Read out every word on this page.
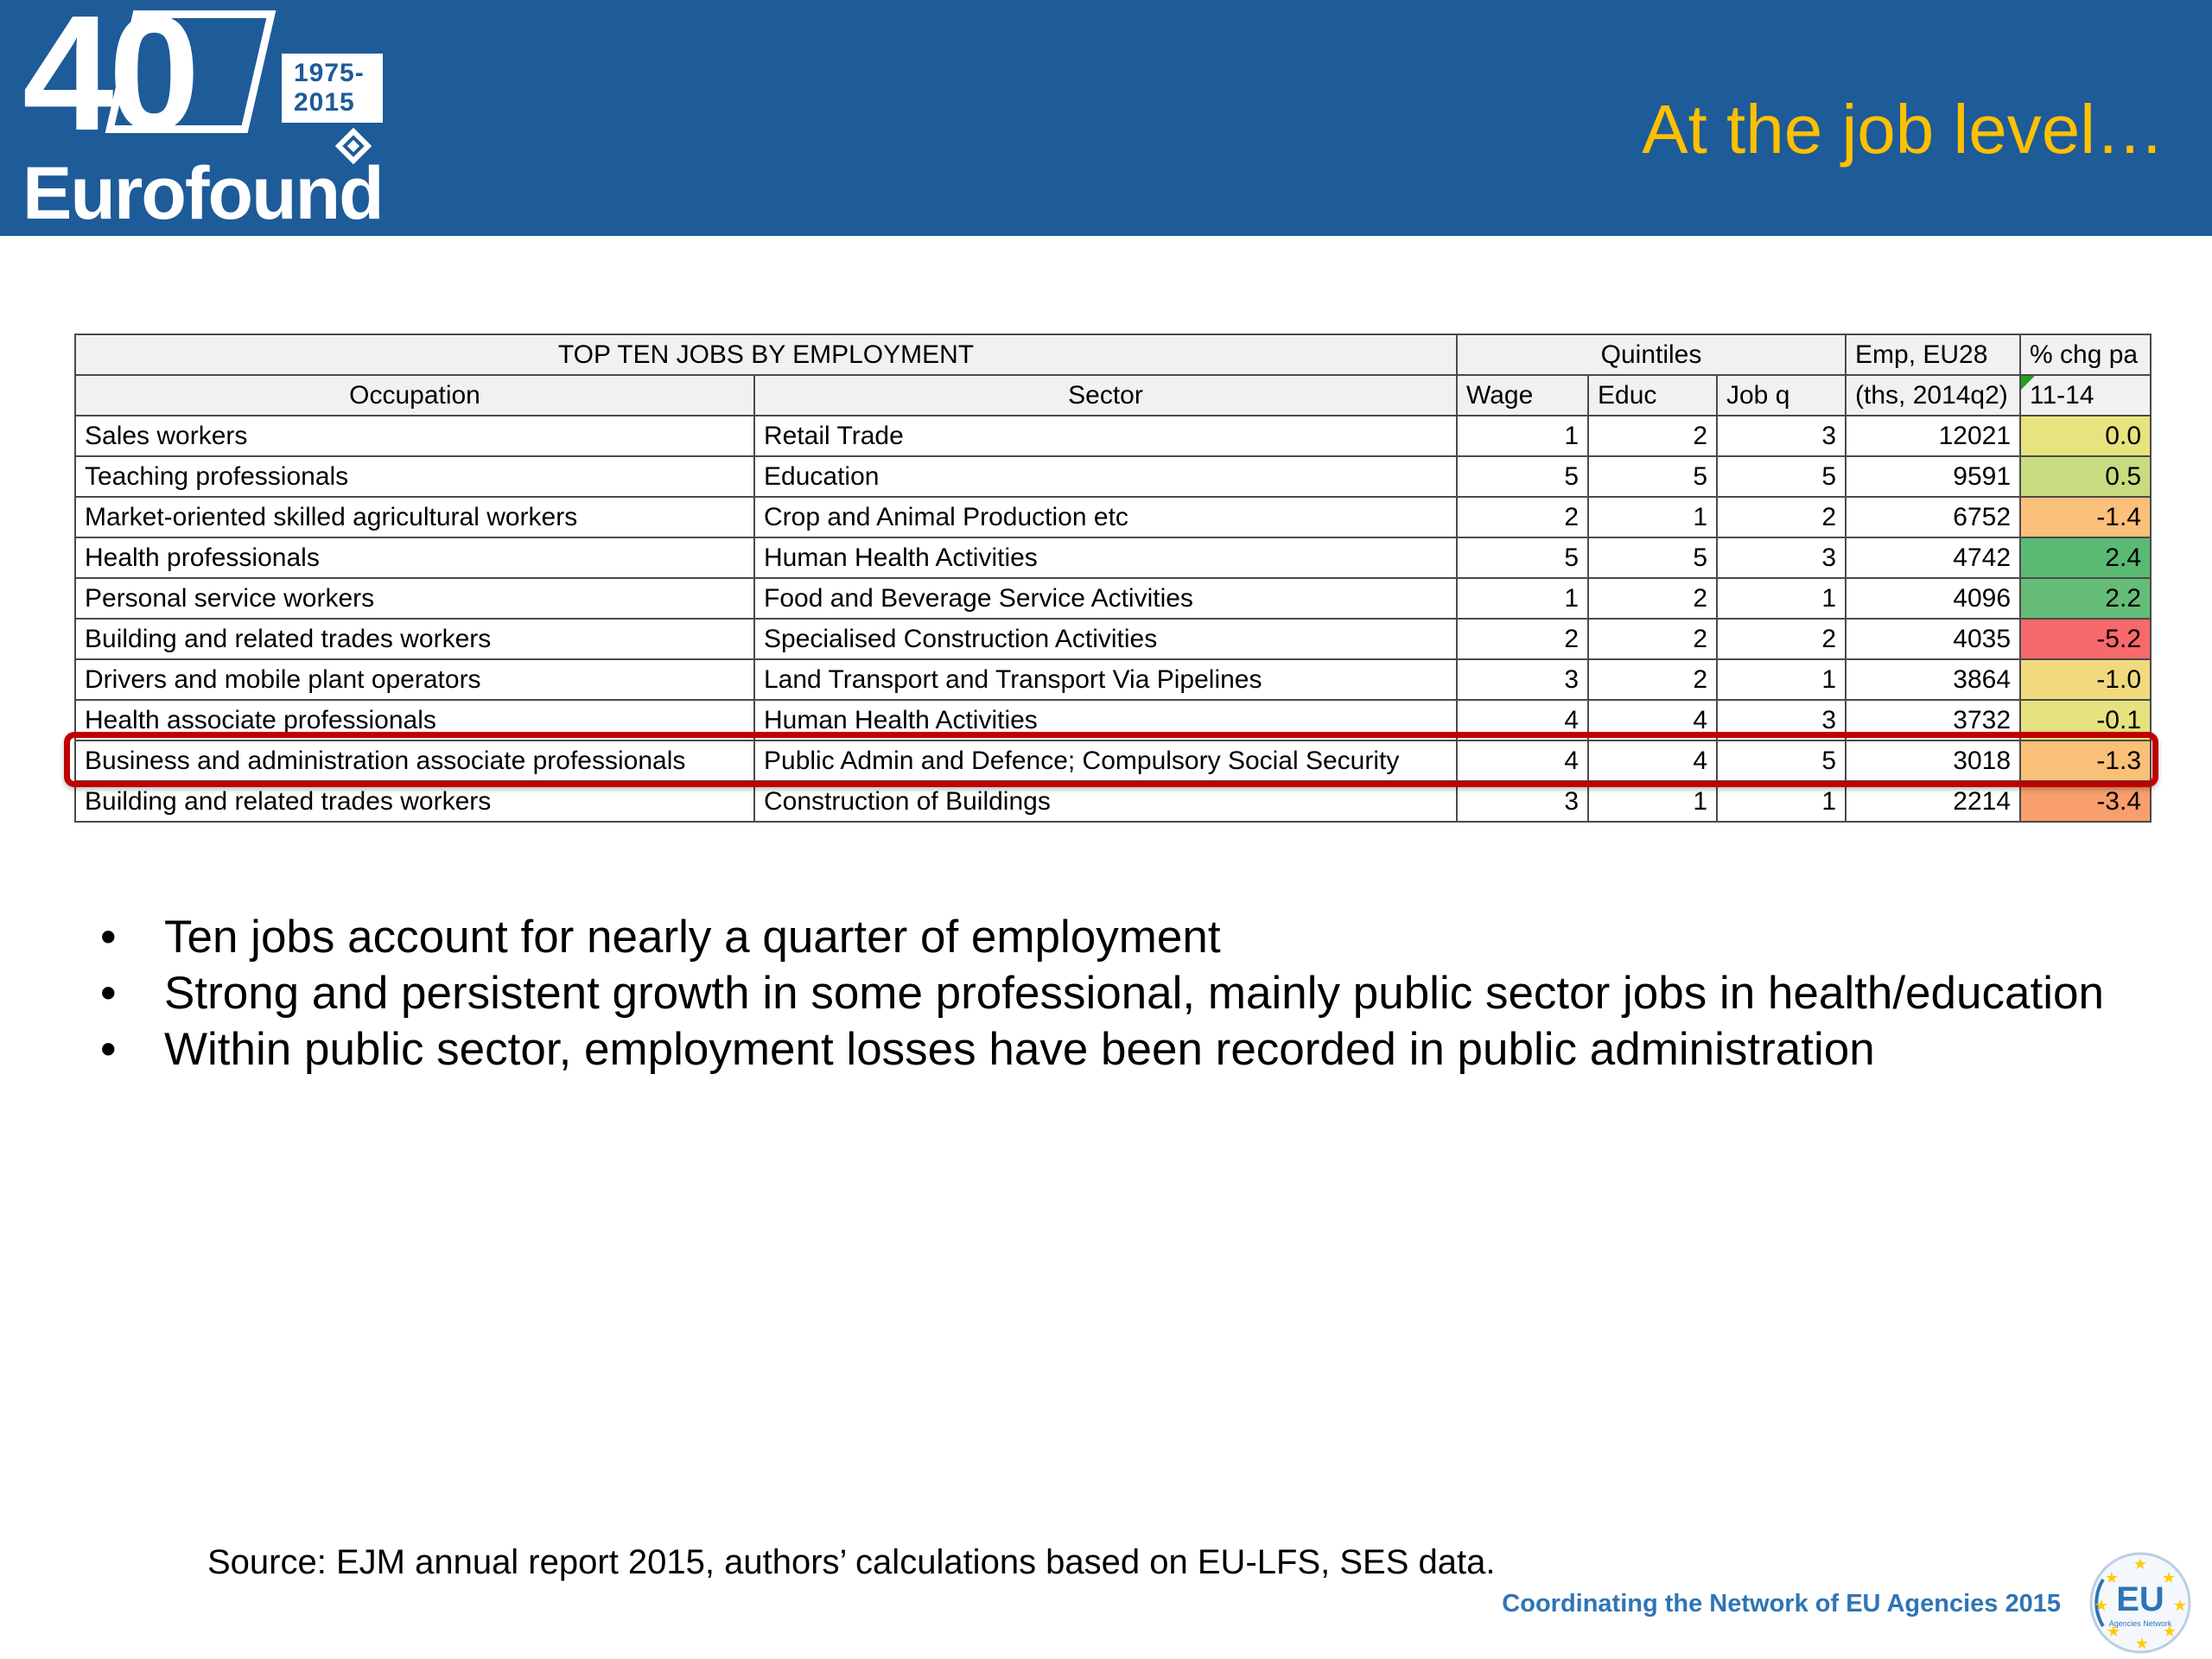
40	1975-2015
Eurofound
At the job level…
TOP TEN JOBS BY EMPLOYMENT		Quintiles			Emp, EU28	% chg pa
Occupation	Sector	Wage	Educ	Job q	(ths, 2014q2)	11-14
Sales workers	Retail Trade	1	2	3	12021	0.0
Teaching professionals	Education	5	5	5	9591	0.5
Market-oriented skilled agricultural workers	Crop and Animal Production etc	2	1	2	6752	-1.4
Health professionals	Human Health Activities	5	5	3	4742	2.4
Personal service workers	Food and Beverage Service Activities	1	2	1	4096	2.2
Building and related trades workers	Specialised Construction Activities	2	2	2	4035	-5.2
Drivers and mobile plant operators	Land Transport and Transport Via Pipelines	3	2	1	3864	-1.0
Health associate professionals	Human Health Activities	4	4	3	3732	-0.1
Business and administration associate professionals	Public Admin and Defence; Compulsory Social Security	4	4	5	3018	-1.3
Building and related trades workers	Construction of Buildings	3	1	1	2214	-3.4
• Ten jobs account for nearly a quarter of employment
• Strong and persistent growth in some professional, mainly public sector jobs in health/education
• Within public sector, employment losses have been recorded in public administration
Source: EJM annual report 2015, authors’ calculations based on EU-LFS, SES data.
Coordinating the Network of EU Agencies 2015 EU
Agencies Network
★
★
★
★
★
★
★
★
